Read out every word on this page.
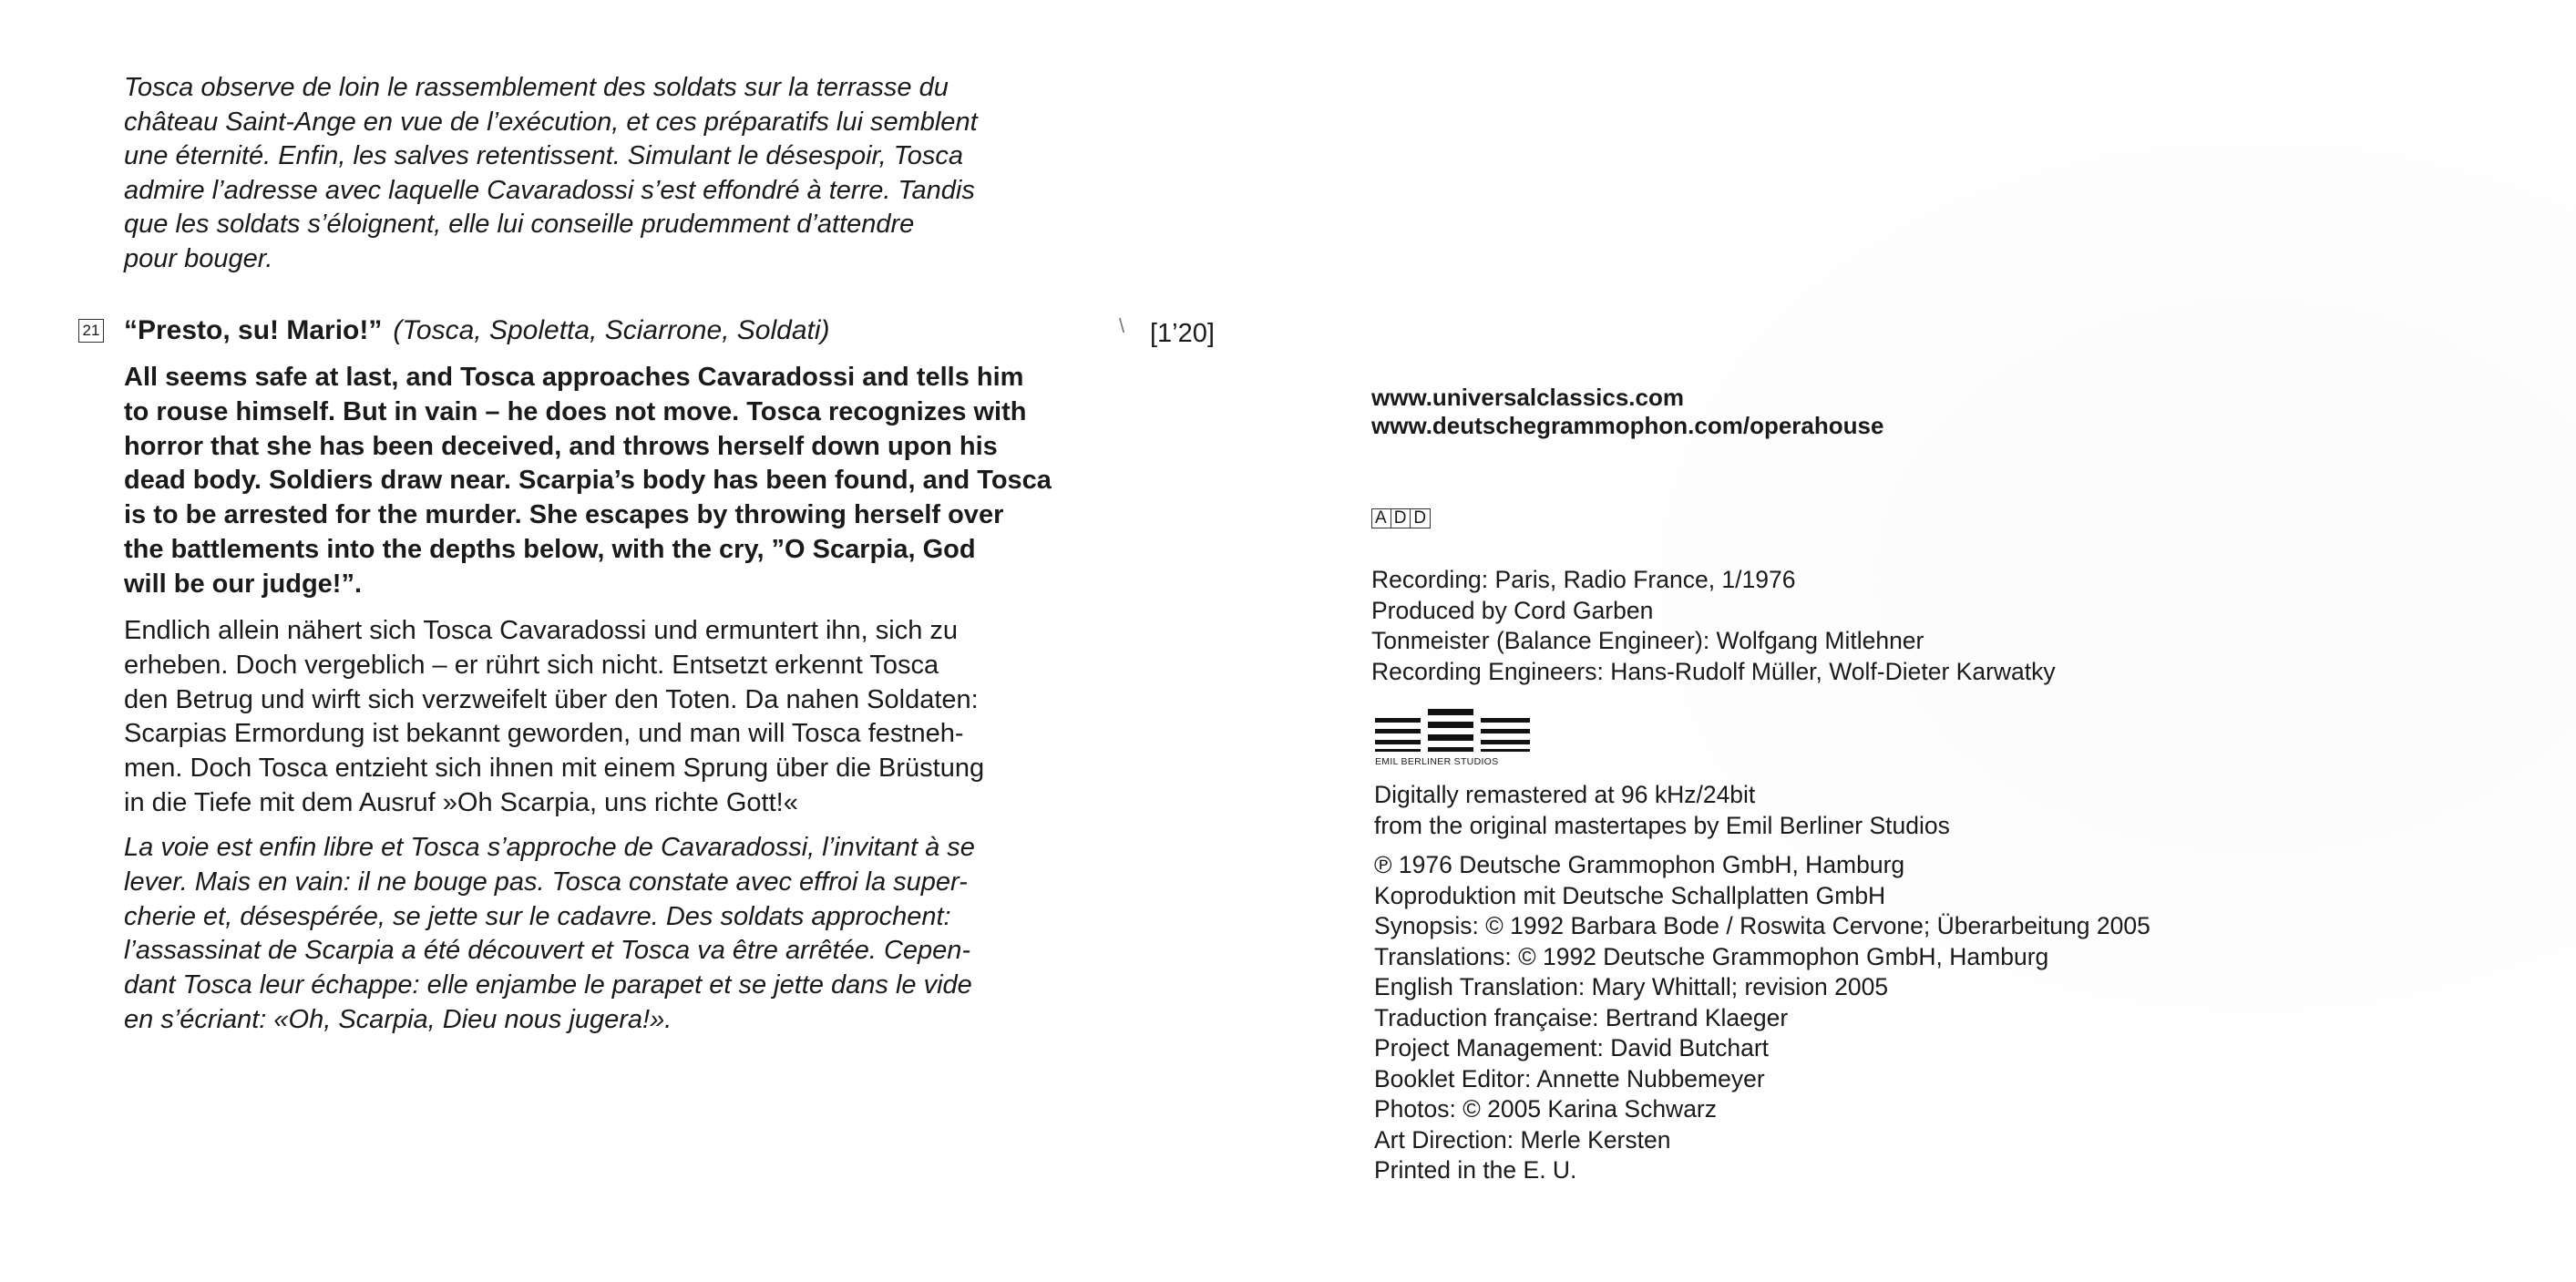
Tosca observe de loin le rassemblement des soldats sur la terrasse du
château Saint-Ange en vue de l’exécution, et ces préparatifs lui semblent
une éternité. Enfin, les salves retentissent. Simulant le désespoir, Tosca
admire l’adresse avec laquelle Cavaradossi s’est effondré à terre. Tandis
que les soldats s’éloignent, elle lui conseille prudemment d’attendre
pour bouger.

21 “Presto, su! Mario!” (Tosca, Spoletta, Sciarrone, Soldati)	\ [1’20]

All seems safe at last, and Tosca approaches Cavaradossi and tells him
to rouse himself. But in vain – he does not move. Tosca recognizes with
horror that she has been deceived, and throws herself down upon his
dead body. Soldiers draw near. Scarpia’s body has been found, and Tosca
is to be arrested for the murder. She escapes by throwing herself over
the battlements into the depths below, with the cry, ”O Scarpia, God
will be our judge!”.

Endlich allein nähert sich Tosca Cavaradossi und ermuntert ihn, sich zu
erheben. Doch vergeblich – er rührt sich nicht. Entsetzt erkennt Tosca
den Betrug und wirft sich verzweifelt über den Toten. Da nahen Soldaten:
Scarpias Ermordung ist bekannt geworden, und man will Tosca festneh-
men. Doch Tosca entzieht sich ihnen mit einem Sprung über die Brüstung
in die Tiefe mit dem Ausruf »Oh Scarpia, uns richte Gott!«

La voie est enfin libre et Tosca s’approche de Cavaradossi, l’invitant à se
lever. Mais en vain: il ne bouge pas. Tosca constate avec effroi la super-
cherie et, désespérée, se jette sur le cadavre. Des soldats approchent:
l’assassinat de Scarpia a été découvert et Tosca va être arrêtée. Cepen-
dant Tosca leur échappe: elle enjambe le parapet et se jette dans le vide
en s’écriant: «Oh, Scarpia, Dieu nous jugera!».

www.universalclassics.com
www.deutschegrammophon.com/operahouse
A D D

Recording: Paris, Radio France, 1/1976
Produced by Cord Garben
Tonmeister (Balance Engineer): Wolfgang Mitlehner
Recording Engineers: Hans-Rudolf Müller, Wolf-Dieter Karwatky

EMIL BERLINER STUDIOS

Digitally remastered at 96 kHz/24bit
from the original mastertapes by Emil Berliner Studios

℗ 1976 Deutsche Grammophon GmbH, Hamburg
Koproduktion mit Deutsche Schallplatten GmbH
Synopsis: © 1992 Barbara Bode / Roswita Cervone; Überarbeitung 2005
Translations: © 1992 Deutsche Grammophon GmbH, Hamburg
English Translation: Mary Whittall; revision 2005
Traduction française: Bertrand Klaeger
Project Management: David Butchart
Booklet Editor: Annette Nubbemeyer
Photos: © 2005 Karina Schwarz
Art Direction: Merle Kersten
Printed in the E. U.
